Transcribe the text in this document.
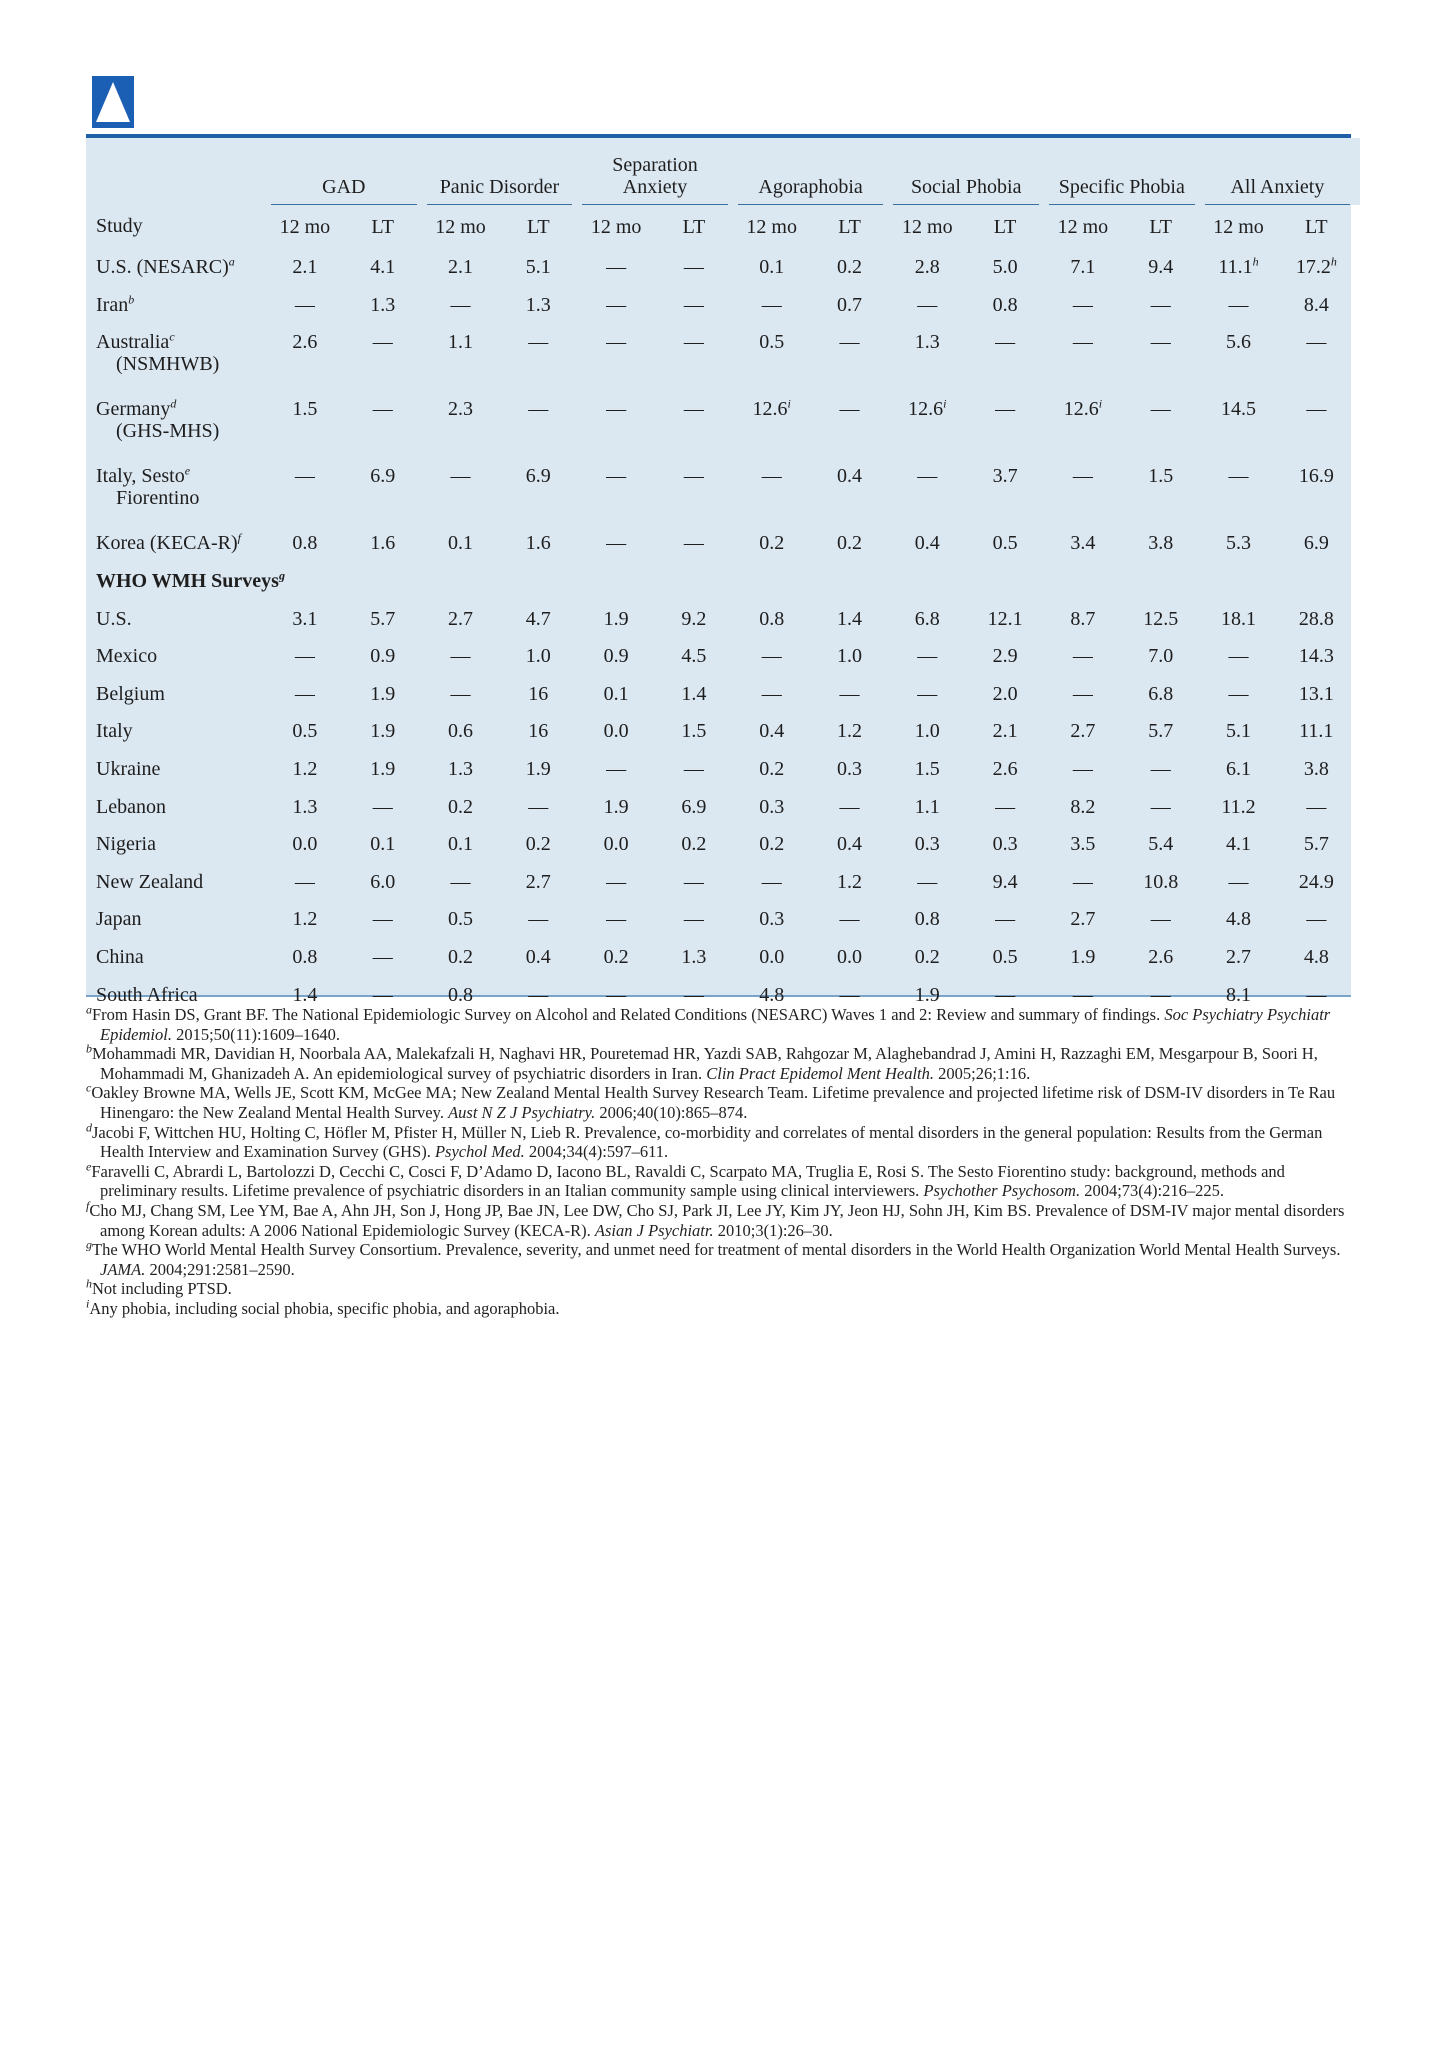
	GAD		Panic Disorder		Separation
Anxiety		Agoraphobia		Social Phobia		Specific Phobia		All Anxiety	
Study	12 mo	LT	12 mo	LT	12 mo	LT	12 mo	LT	12 mo	LT	12 mo	LT	12 mo	LT
U.S. (NESARC)$^a$	2.1	4.1	2.1	5.1	—	—	0.1	0.2	2.8	5.0	7.1	9.4	11.1$^h$	17.2$^h$
Iran$^b$	—	1.3	—	1.3	—	—	—	0.7	—	0.8	—	—	—	8.4
Australia$^c$
(NSMHWB)	2.6	—	1.1	—	—	—	0.5	—	1.3	—	—	—	5.6	—
Germany$^d$
(GHS-MHS)	1.5	—	2.3	—	—	—	12.6$^i$	—	12.6$^i$	—	12.6$^i$	—	14.5	—
Italy, Sesto$^e$
Fiorentino	—	6.9	—	6.9	—	—	—	0.4	—	3.7	—	1.5	—	16.9
Korea (KECA-R)$^f$	0.8	1.6	0.1	1.6	—	—	0.2	0.2	0.4	0.5	3.4	3.8	5.3	6.9
WHO WMH Surveys$^g$
U.S.	3.1	5.7	2.7	4.7	1.9	9.2	0.8	1.4	6.8	12.1	8.7	12.5	18.1	28.8
Mexico	—	0.9	—	1.0	0.9	4.5	—	1.0	—	2.9	—	7.0	—	14.3
Belgium	—	1.9	—	16	0.1	1.4	—	—	—	2.0	—	6.8	—	13.1
Italy	0.5	1.9	0.6	16	0.0	1.5	0.4	1.2	1.0	2.1	2.7	5.7	5.1	11.1
Ukraine	1.2	1.9	1.3	1.9	—	—	0.2	0.3	1.5	2.6	—	—	6.1	3.8
Lebanon	1.3	—	0.2	—	1.9	6.9	0.3	—	1.1	—	8.2	—	11.2	—
Nigeria	0.0	0.1	0.1	0.2	0.0	0.2	0.2	0.4	0.3	0.3	3.5	5.4	4.1	5.7
New Zealand	—	6.0	—	2.7	—	—	—	1.2	—	9.4	—	10.8	—	24.9
Japan	1.2	—	0.5	—	—	—	0.3	—	0.8	—	2.7	—	4.8	—
China	0.8	—	0.2	0.4	0.2	1.3	0.0	0.0	0.2	0.5	1.9	2.6	2.7	4.8
South Africa	1.4	—	0.8	—	—	—	4.8	—	1.9	—	—	—	8.1	—
$^a$From Hasin DS, Grant BF. The National Epidemiologic Survey on Alcohol and Related Conditions (NESARC) Waves 1 and 2: Review and summary of findings. Soc Psychiatry Psychiatr Epidemiol. 2015;50(11):1609–1640.
$^b$Mohammadi MR, Davidian H, Noorbala AA, Malekafzali H, Naghavi HR, Pouretemad HR, Yazdi SAB, Rahgozar M, Alaghebandrad J, Amini H, Razzaghi EM, Mesgarpour B, Soori H, Mohammadi M, Ghanizadeh A. An epidemiological survey of psychiatric disorders in Iran. Clin Pract Epidemol Ment Health. 2005;26;1:16.
$^c$Oakley Browne MA, Wells JE, Scott KM, McGee MA; New Zealand Mental Health Survey Research Team. Lifetime prevalence and projected lifetime risk of DSM-IV disorders in Te Rau Hinengaro: the New Zealand Mental Health Survey. Aust N Z J Psychiatry. 2006;40(10):865–874.
$^d$Jacobi F, Wittchen HU, Holting C, Höfler M, Pfister H, Müller N, Lieb R. Prevalence, co-morbidity and correlates of mental disorders in the general population: Results from the German Health Interview and Examination Survey (GHS). Psychol Med. 2004;34(4):597–611.
$^e$Faravelli C, Abrardi L, Bartolozzi D, Cecchi C, Cosci F, D’Adamo D, Iacono BL, Ravaldi C, Scarpato MA, Truglia E, Rosi S. The Sesto Fiorentino study: background, methods and preliminary results. Lifetime prevalence of psychiatric disorders in an Italian community sample using clinical interviewers. Psychother Psychosom. 2004;73(4):216–225.
$^f$Cho MJ, Chang SM, Lee YM, Bae A, Ahn JH, Son J, Hong JP, Bae JN, Lee DW, Cho SJ, Park JI, Lee JY, Kim JY, Jeon HJ, Sohn JH, Kim BS. Prevalence of DSM-IV major mental disorders among Korean adults: A 2006 National Epidemiologic Survey (KECA-R). Asian J Psychiatr. 2010;3(1):26–30.
$^g$The WHO World Mental Health Survey Consortium. Prevalence, severity, and unmet need for treatment of mental disorders in the World Health Organization World Mental Health Surveys. JAMA. 2004;291:2581–2590.
$^h$Not including PTSD.
$^i$Any phobia, including social phobia, specific phobia, and agoraphobia.
